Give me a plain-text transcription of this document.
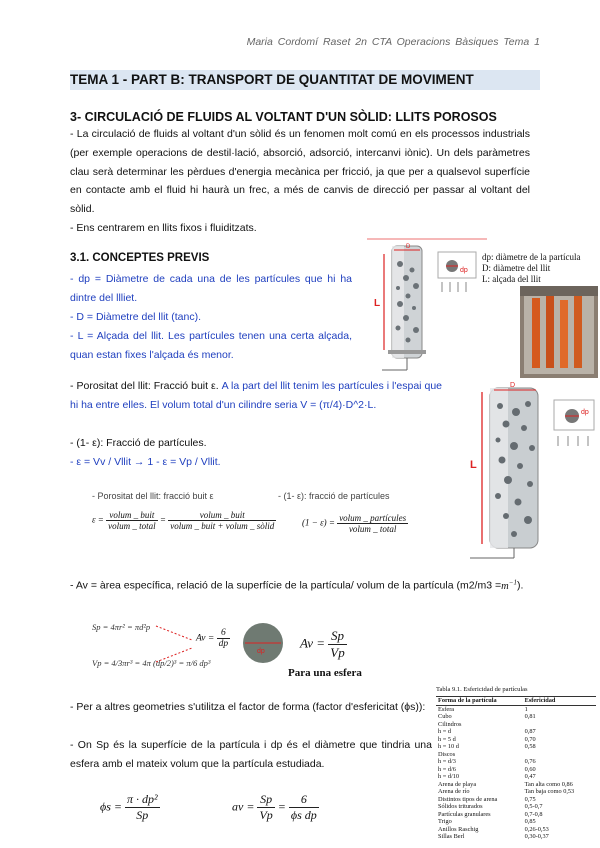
Maria Cordomí Raset 2n CTA Operacions Bàsiques Tema 1
TEMA 1 - PART B: TRANSPORT DE QUANTITAT DE MOVIMENT
3- CIRCULACIÓ DE FLUIDS AL VOLTANT D'UN SÒLID: LLITS POROSOS
- La circulació de fluids al voltant d'un sòlid és un fenomen molt comú en els processos industrials (per exemple operacions de destil·lació, absorció, adsorció, intercanvi iònic). Un dels paràmetres clau serà determinar les pèrdues d'energia mecànica per fricció, ja que per a qualsevol superfície en contacte amb el fluid hi haurà un frec, a més de canvis de direcció per passar al voltant del sòlid.
- Ens centrarem en llits fixos i fluiditzats.
L
D
dp
dp: diàmetre de la partícula
D: diàmetre del llit
L: alçada del llit
3.1. CONCEPTES PREVIS
- dp = Diàmetre de cada una de les partícules que hi ha dintre del llliet.
- D = Diàmetre del llit (tanc).
- L = Alçada del llit. Les partícules tenen una certa alçada, quan estan fixes l'alçada és menor.
- Porositat del llit: Fracció buit ε. A la part del llit tenim les partícules i l'espai que hi ha entre elles. El volum total d'un cilindre seria V = (π/4)·D^2·L.
- (1- ε): Fracció de partícules.
- ε = Vv / Vllit → 1 - ε = Vp / Vllit.	L
D
dp
- Porositat del llit: fracció buit ε	- (1- ε): fracció de partícules
$\varepsilon = \frac{\text{volum \_ buit}}{\text{volum \_ total}} = \frac{\text{volum \_ buit}}{\text{volum \_ buit + volum \_ sòlid}}$	$(1 - \varepsilon) = \frac{\text{volum \_ partícules}}{\text{volum \_ total}}$
- Av = àrea específica, relació de la superfície de la partícula/ volum de la partícula $(m2/m3 =m^{-1})$.
Sp = 4πr² = πd²p
Vp = 4/3πr³ = 4π (dp/2)³ = π/6 dp³
$Av = \frac{6}{dp}$
dp
$Av = \frac{Sp}{Vp}$
Para una esfera
- Per a altres geometries s'utilitza el factor de forma (factor d'esfericitat (ϕs)):
- On Sp és la superfície de la partícula i dp és el diàmetre que tindria una esfera amb el mateix volum que la partícula estudiada.
$\phi s = \frac{\text{π · dp²}}{Sp}$	av = $\frac{Sp}{Vp} = \frac{6}{\text{ϕs dp}}$
Tabla 9.1. Esfericidad de partículas
Forma de la partícula	Esfericidad
Esfera	1
Cubo	0,81
Cilindros	
h = d	0,87
h = 5 d	0,70
h = 10 d	0,58
Discos	
h = d/3	0,76
h = d/6	0,60
h = d/10	0,47
Arena de playa	Tan alta como 0,86
Arena de río	Tan baja como 0,53
Distintos tipos de arena	0,75
Sólidos triturados	0,5-0,7
Partículas granulares	0,7-0,8
Trigo	0,85
Anillos Raschig	0,26-0,53
Sillas Berl	0,30-0,37
